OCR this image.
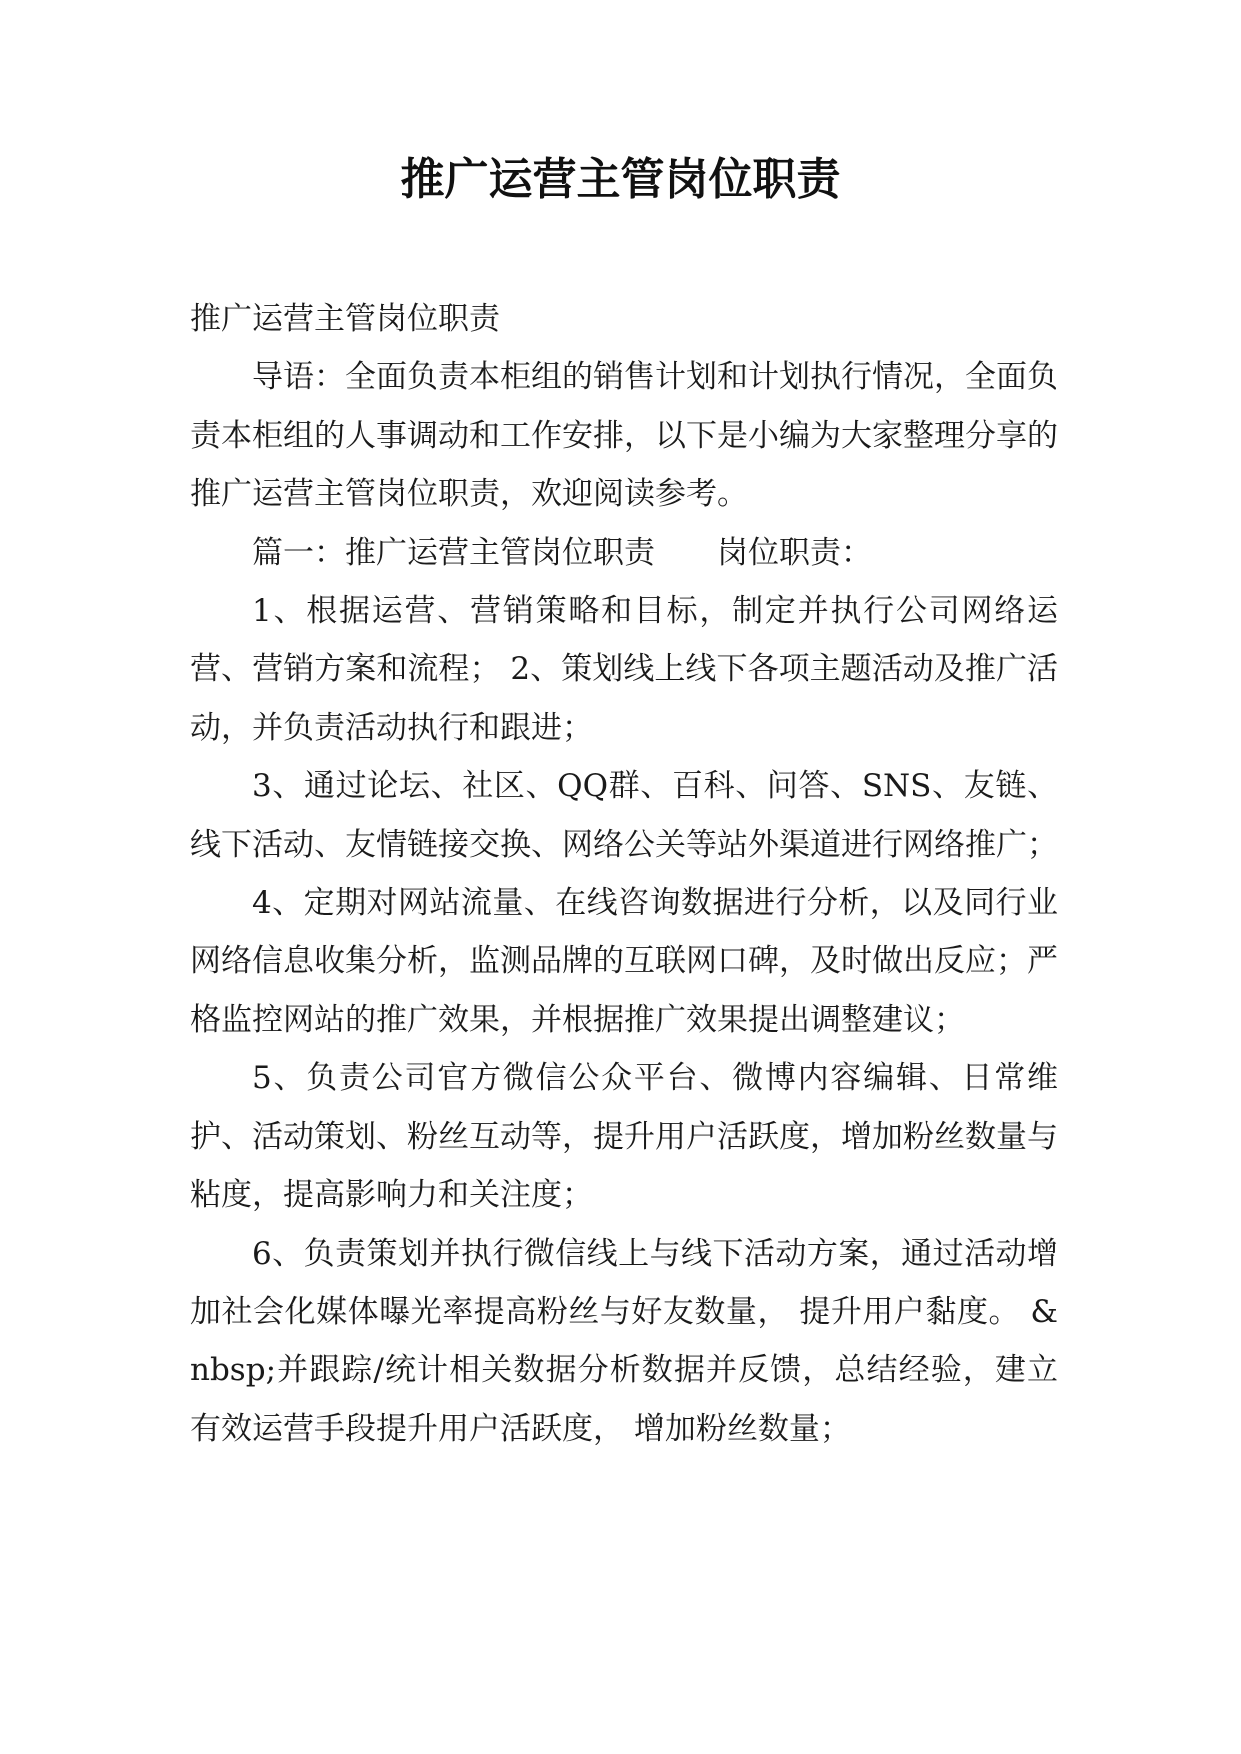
推广运营主管岗位职责

推广运营主管岗位职责

导语：全面负责本柜组的销售计划和计划执行情况，全面负责本柜组的人事调动和工作安排，以下是小编为大家整理分享的推广运营主管岗位职责，欢迎阅读参考。

篇一：推广运营主管岗位职责　　岗位职责：

1、根据运营、营销策略和目标，制定并执行公司网络运营、营销方案和流程； 2、策划线上线下各项主题活动及推广活动，并负责活动执行和跟进；

3、通过论坛、社区、QQ群、百科、问答、SNS、友链、线下活动、友情链接交换、网络公关等站外渠道进行网络推广；

4、定期对网站流量、在线咨询数据进行分析，以及同行业网络信息收集分析，监测品牌的互联网口碑，及时做出反应；严格监控网站的推广效果，并根据推广效果提出调整建议；

5、负责公司官方微信公众平台、微博内容编辑、日常维护、活动策划、粉丝互动等，提升用户活跃度，增加粉丝数量与粘度，提高影响力和关注度；

6、负责策划并执行微信线上与线下活动方案，通过活动增加社会化媒体曝光率提高粉丝与好友数量， 提升用户黏度。 &nbsp;并跟踪/统计相关数据分析数据并反馈，总结经验，建立有效运营手段提升用户活跃度， 增加粉丝数量；
